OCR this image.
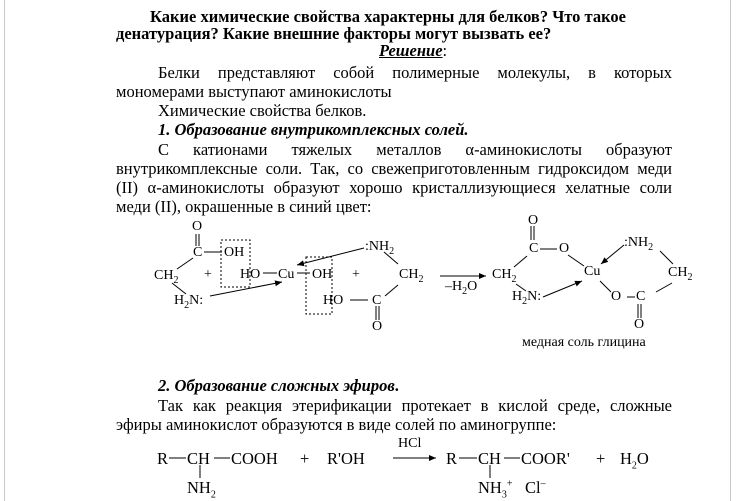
Какие химические свойства характерны для белков? Что такое
денатурация? Какие внешние факторы могут вызвать ее?
Решение:
Белки представляют собой полимерные молекулы, в которых
мономерами выступают аминокислоты
Химические свойства белков.
1. Образование внутрикомплексных солей.
С катионами тяжелых металлов α-аминокислоты образуют
внутрикомплексные соли. Так, со свежеприготовленным гидроксидом меди
(II) α-аминокислоты образуют хорошо кристаллизующиеся хелатные соли
меди (II), окрашенные в синий цвет:
O
C OH
$CH_2$ + HO Cu OH
$:NH_2$
+	$CH_2$
$H_2N$:	HO C
O
$-H_2O$
O
C O
Cu
$:NH_2$
$CH_2$	$CH_2$
$H_2N$:	O C
O
медная соль глицина
2. Образование сложных эфиров.
Так как реакция этерификации протекает в кислой среде, сложные
эфиры аминокислот образуются в виде солей по аминогруппе:
R CH COOH + R'OH
HCl
R CH COOR' + $H_2O$
$NH_2$	$NH_3^+$ Cl–
